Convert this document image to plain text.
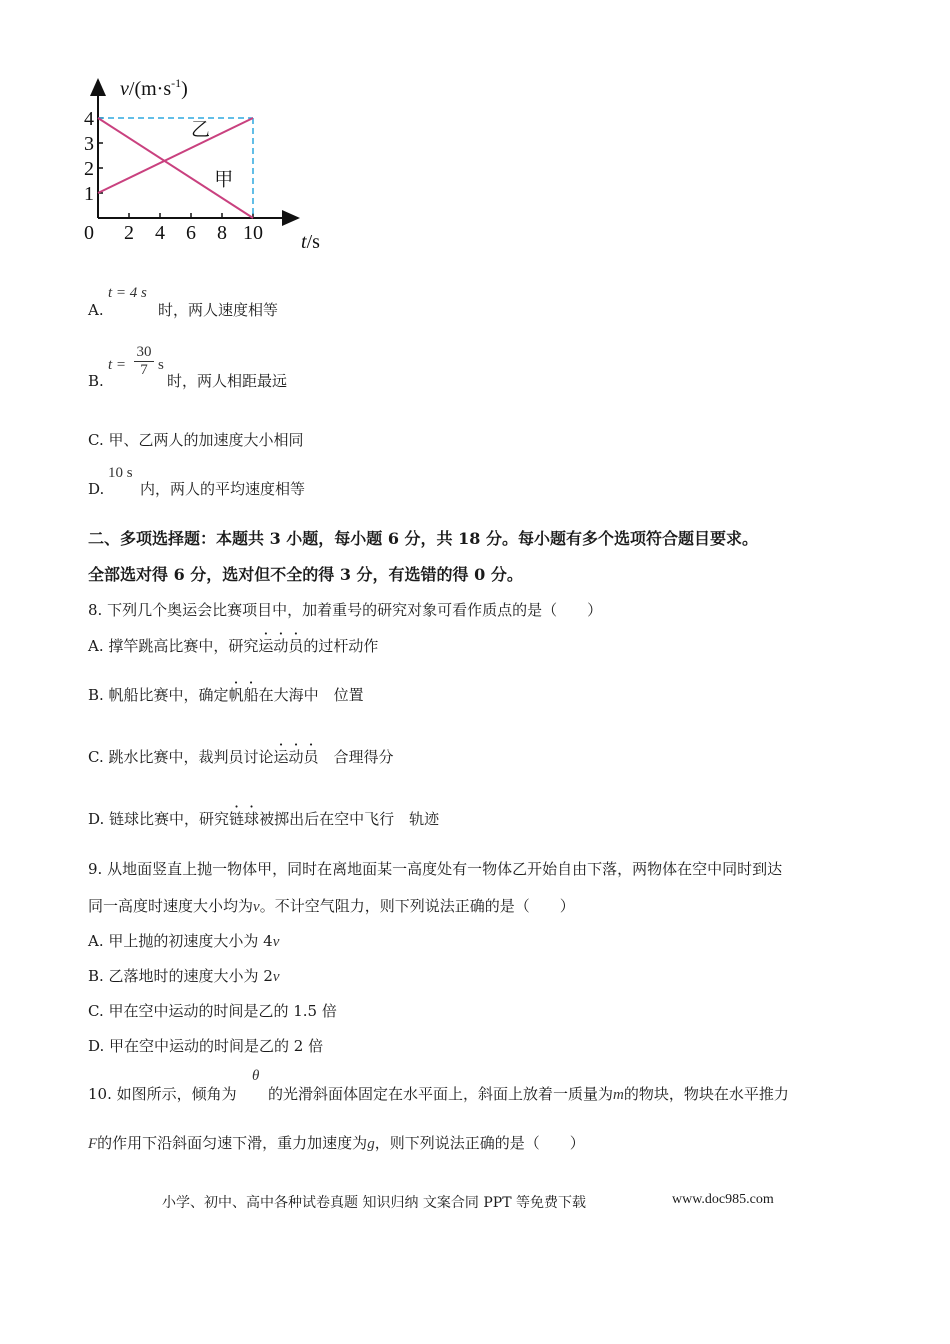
甲
乙
2 4 6 8 10
1
2
3
4
0
$v/(m\cdot s^{-1})$
t/s
t = 4 s
A.	时，两人速度相等
B.
t =
30
7 s
时，两人相距最远
C. 甲、乙两人的加速度大小相同
D.
10 s
内，两人的平均速度相等
二、多项选择题：本题共 3 小题，每小题 6 分，共 18 分。每小题有多个选项符合题目要求。
全部选对得 6 分，选对但不全的得 3 分，有选错的得 0 分。
8. 下列几个奥运会比赛项目中，加着重号的研究对象可看作质点的是（　　）
A. 撑竿跳高比赛中，研究运动员的过杆动作
B. 帆船比赛中，确定帆船在大海中　位置
C. 跳水比赛中，裁判员讨论运动员　合理得分
D. 链球比赛中，研究链球被掷出后在空中飞行　轨迹
9. 从地面竖直上抛一物体甲，同时在离地面某一高度处有一物体乙开始自由下落，两物体在空中同时到达
同一高度时速度大小均为v。不计空气阻力，则下列说法正确的是（　　）
A. 甲上抛的初速度大小为 4v
B. 乙落地时的速度大小为 2v
C. 甲在空中运动的时间是乙的 1.5 倍
D. 甲在空中运动的时间是乙的 2 倍
θ
10. 如图所示，倾角为 的光滑斜面体固定在水平面上，斜面上放着一质量为m的物块，物块在水平推力
F的作用下沿斜面匀速下滑，重力加速度为g，则下列说法正确的是（　　）
小学、初中、高中各种试卷真题 知识归纳 文案合同 PPT 等免费下载	www.doc985.com
